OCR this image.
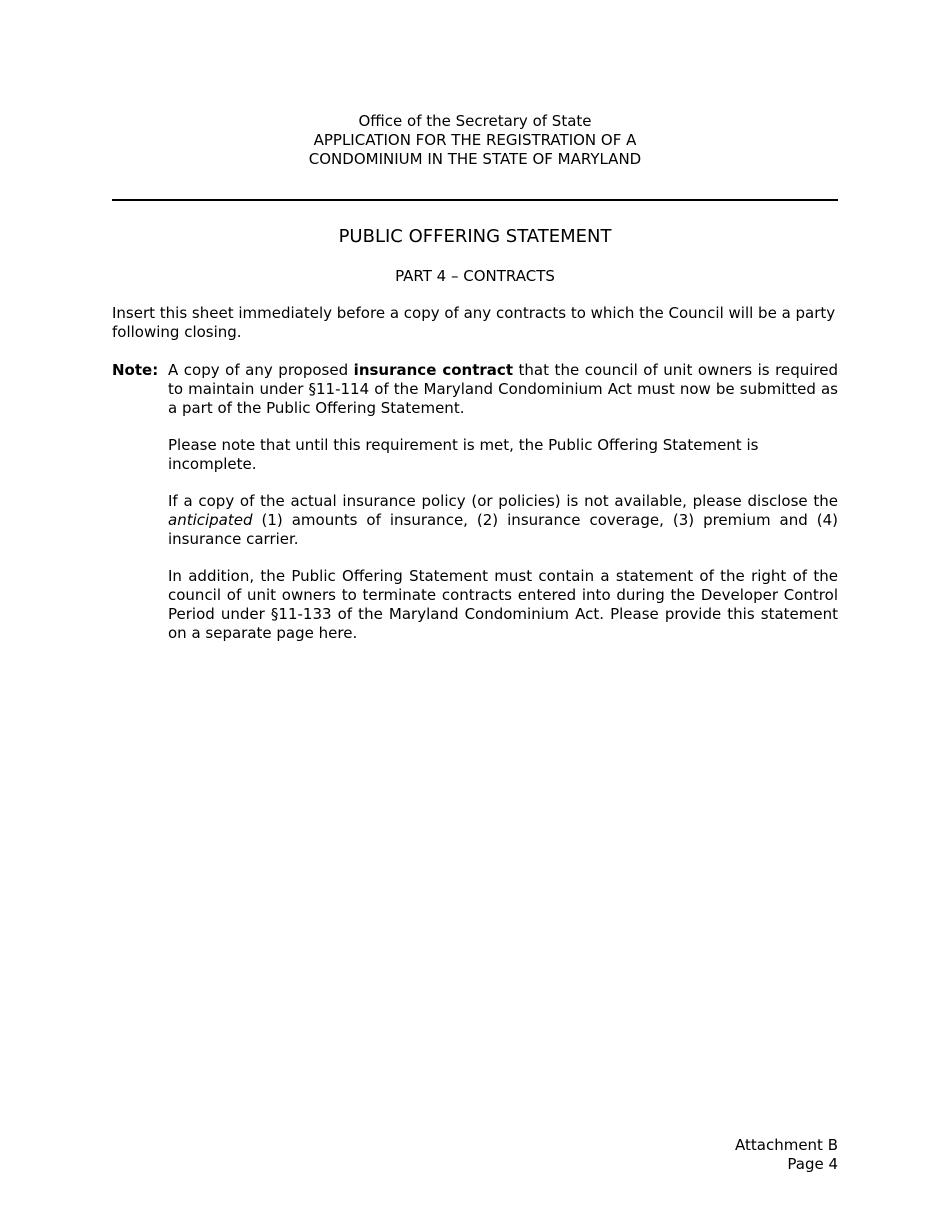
Office of the Secretary of State
APPLICATION FOR THE REGISTRATION OF A
CONDOMINIUM IN THE STATE OF MARYLAND
PUBLIC OFFERING STATEMENT
PART 4 – CONTRACTS
Insert this sheet immediately before a copy of any contracts to which the Council will be a party following closing.
Note: A copy of any proposed insurance contract that the council of unit owners is required to maintain under §11-114 of the Maryland Condominium Act must now be submitted as a part of the Public Offering Statement.

Please note that until this requirement is met, the Public Offering Statement is incomplete.

If a copy of the actual insurance policy (or policies) is not available, please disclose the anticipated (1) amounts of insurance, (2) insurance coverage, (3) premium and (4) insurance carrier.

In addition, the Public Offering Statement must contain a statement of the right of the council of unit owners to terminate contracts entered into during the Developer Control Period under §11-133 of the Maryland Condominium Act. Please provide this statement on a separate page here.

Attachment B
Page 4
